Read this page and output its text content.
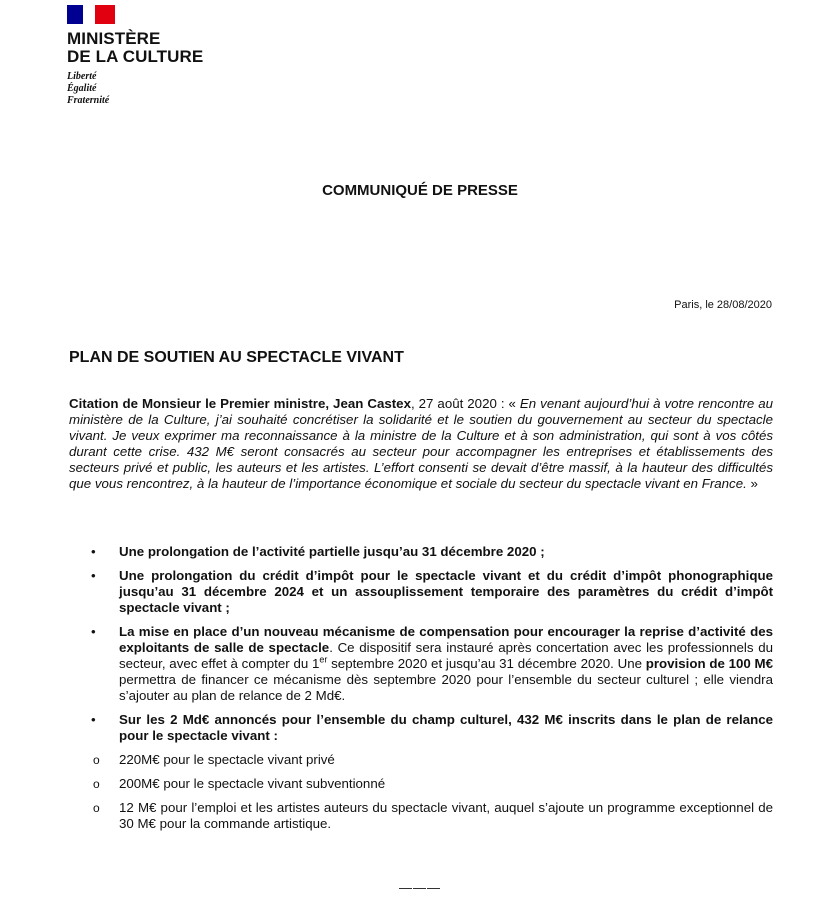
MINISTÈRE
DE LA CULTURE
Liberté
Égalité
Fraternité
COMMUNIQUÉ DE PRESSE
Paris, le 28/08/2020
PLAN DE SOUTIEN AU SPECTACLE VIVANT

Citation de Monsieur le Premier ministre, Jean Castex, 27 août 2020 : « En venant aujourd’hui à votre rencontre au ministère de la Culture, j’ai souhaité concrétiser la solidarité et le soutien du gouvernement au secteur du spectacle vivant. Je veux exprimer ma reconnaissance à la ministre de la Culture et à son administration, qui sont à vos côtés durant cette crise. 432 M€ seront consacrés au secteur pour accompagner les entreprises et établissements des secteurs privé et public, les auteurs et les artistes. L’effort consenti se devait d’être massif, à la hauteur des difficultés que vous rencontrez, à la hauteur de l’importance économique et sociale du secteur du spectacle vivant en France. »

• Une prolongation de l’activité partielle jusqu’au 31 décembre 2020 ;
• Une prolongation du crédit d’impôt pour le spectacle vivant et du crédit d’impôt phonographique jusqu’au 31 décembre 2024 et un assouplissement temporaire des paramètres du crédit d’impôt spectacle vivant ;
• La mise en place d’un nouveau mécanisme de compensation pour encourager la reprise d’activité des exploitants de salle de spectacle. Ce dispositif sera instauré après concertation avec les professionnels du secteur, avec effet à compter du 1er septembre 2020 et jusqu’au 31 décembre 2020. Une provision de 100 M€ permettra de financer ce mécanisme dès septembre 2020 pour l’ensemble du secteur culturel ; elle viendra s’ajouter au plan de relance de 2 Md€.
• Sur les 2 Md€ annoncés pour l’ensemble du champ culturel, 432 M€ inscrits dans le plan de relance pour le spectacle vivant :
o 220M€ pour le spectacle vivant privé
o 200M€ pour le spectacle vivant subventionné
o 12 M€ pour l’emploi et les artistes auteurs du spectacle vivant, auquel s’ajoute un programme exceptionnel de 30 M€ pour la commande artistique.
———
